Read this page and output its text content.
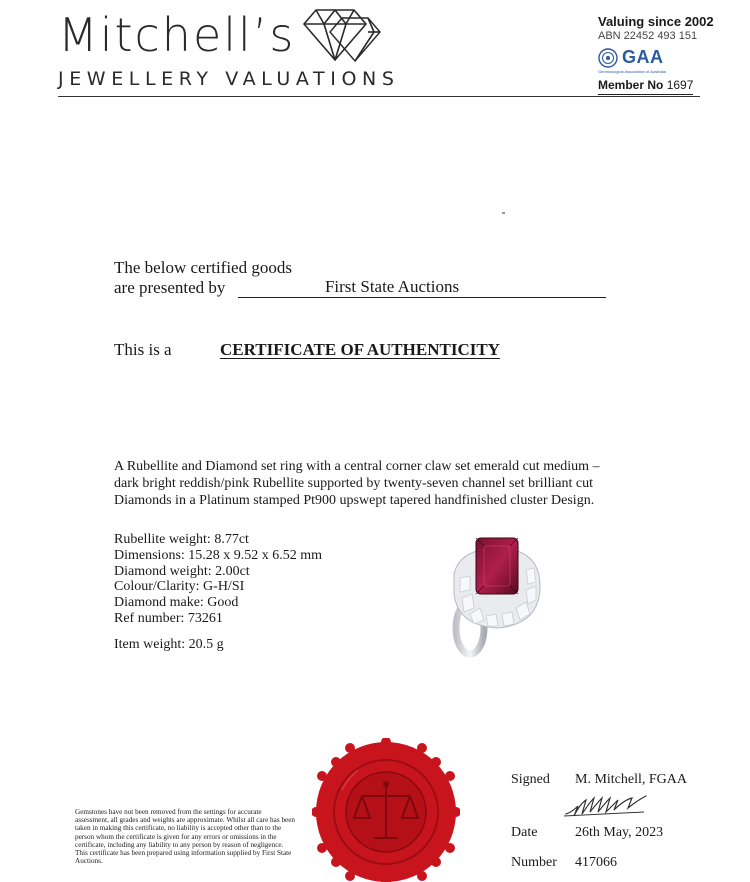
Mitchell’s
JEWELLERY VALUATIONS
Valuing since 2002
ABN 22452 493 151
GAA
Gemmological Association of Australia
Member No 1697
The below certified goods
are presented by	First State Auctions
This is a	CERTIFICATE OF AUTHENTICITY
A Rubellite and Diamond set ring with a central corner claw set emerald cut medium –dark bright reddish/pink Rubellite supported by twenty-seven channel set brilliant cut Diamonds in a Platinum stamped Pt900 upswept tapered handfinished cluster Design.
Rubellite weight: 8.77ct
Dimensions: 15.28 x 9.52 x 6.52 mm
Diamond weight: 2.00ct
Colour/Clarity: G-H/SI
Diamond make: Good
Ref number: 73261
Item weight: 20.5 g
Gemstones have not been removed from the settings for accurate assessment, all grades and weights are approximate. Whilst all care has been taken in making this certificate, no liability is accepted other than to the person whom the certificate is given for any errors or omissions in the certificate, including any liability to any person by reason of negligence. This certificate has been prepared using information supplied by First State Auctions.
Signed M. Mitchell, FGAA
Date	26th May, 2023
Number 417066
